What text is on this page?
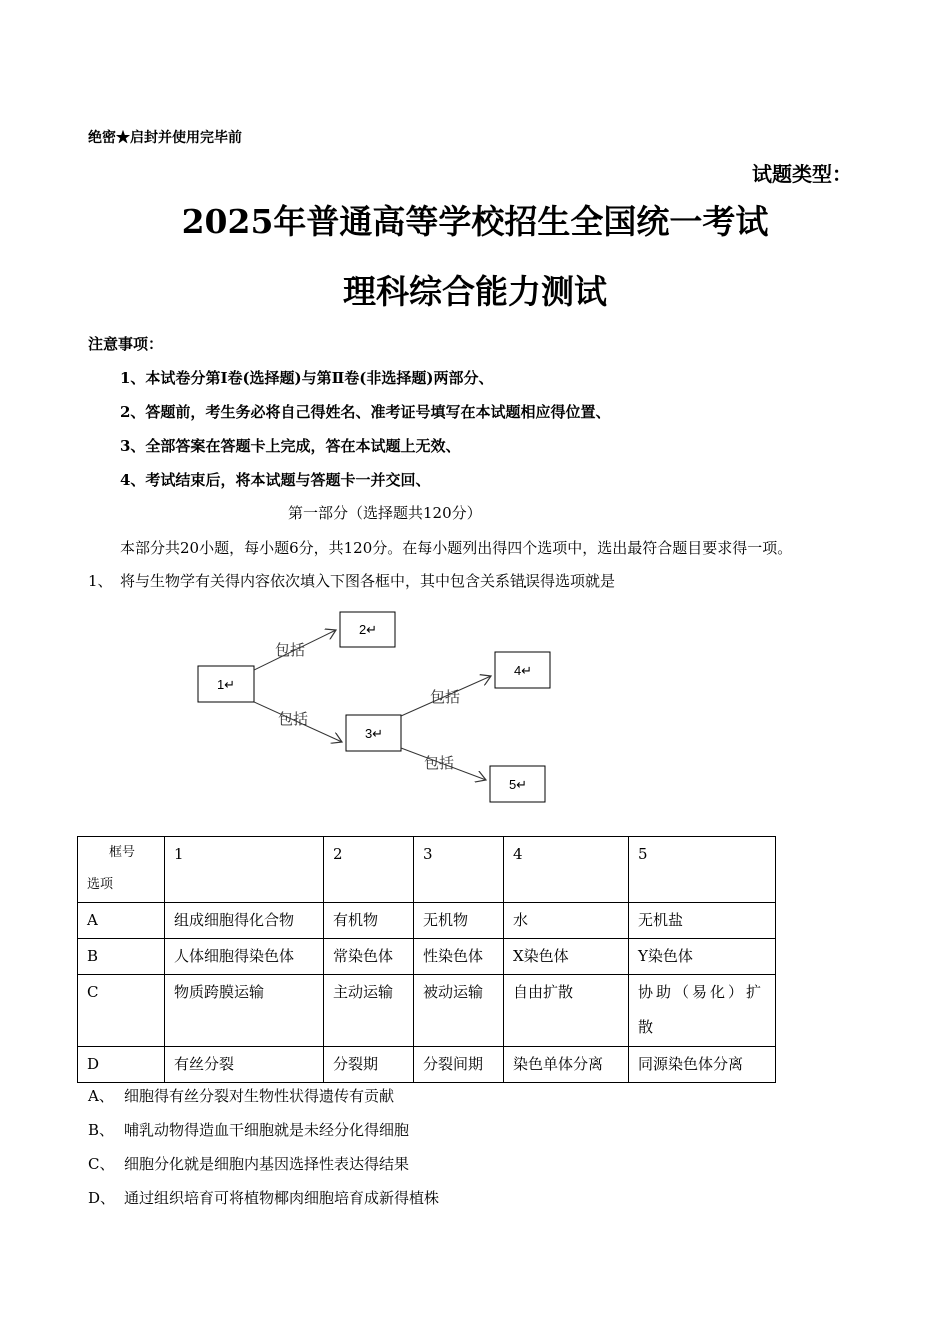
绝密★启封并使用完毕前
试题类型：
2025年普通高等学校招生全国统一考试
理科综合能力测试
注意事项：
1、本试卷分第Ⅰ卷(选择题)与第Ⅱ卷(非选择题)两部分、
2、答题前，考生务必将自己得姓名、准考证号填写在本试题相应得位置、
3、全部答案在答题卡上完成，答在本试题上无效、
4、考试结束后，将本试题与答题卡一并交回、
第一部分（选择题共120分）
本部分共20小题，每小题6分，共120分。在每小题列出得四个选项中，选出最符合题目要求得一项。
1、 将与生物学有关得内容依次填入下图各框中，其中包含关系错误得选项就是
1↵
2↵
3↵
4↵
5↵
包括
包括
包括
包括
框号
选项	1	2	3	4	5
A	组成细胞得化合物	有机物	无机物	水	无机盐
B	人体细胞得染色体	常染色体	性染色体	X染色体	Y染色体
C	物质跨膜运输	主动运输	被动运输	自由扩散	协助（易化）扩
散

D	有丝分裂	分裂期	分裂间期	染色单体分离	同源染色体分离
A、 细胞得有丝分裂对生物性状得遗传有贡献
B、 哺乳动物得造血干细胞就是未经分化得细胞
C、 细胞分化就是细胞内基因选择性表达得结果
D、 通过组织培育可将植物椰肉细胞培育成新得植株
